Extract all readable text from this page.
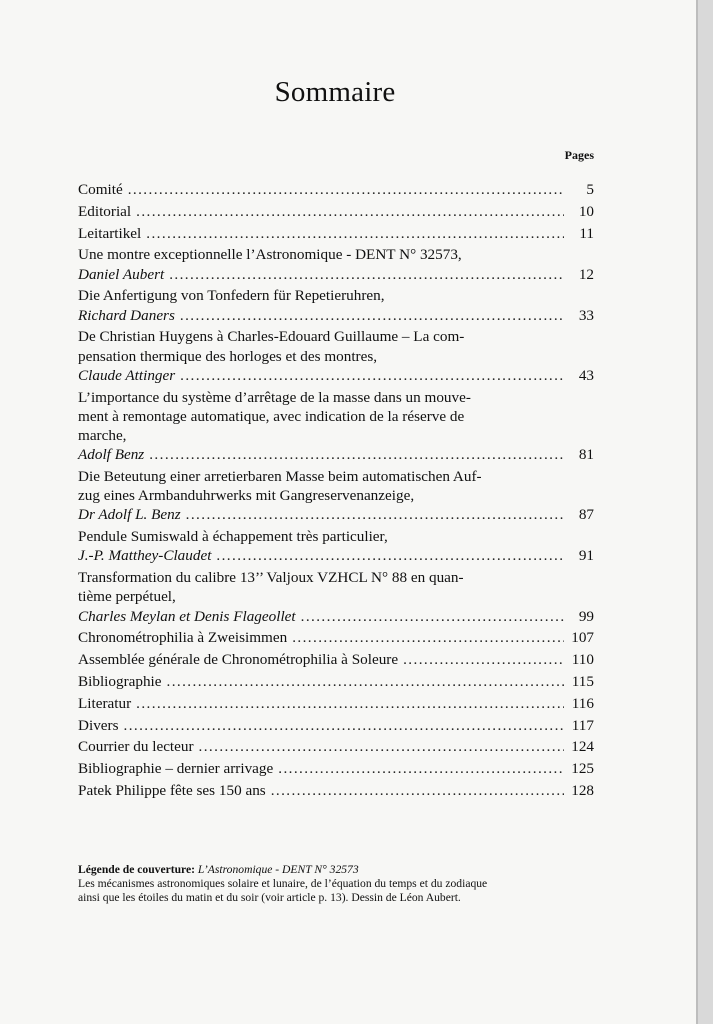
Sommaire
Pages
Comité . . .	5
Editorial . . .	10
Leitartikel . . .	11
Une montre exceptionnelle l’Astronomique - DENT N° 32573,
Daniel Aubert . . .	12
Die Anfertigung von Tonfedern für Repetieruhren,
Richard Daners . . .	33
De Christian Huygens à Charles-Edouard Guillaume – La com-
pensation thermique des horloges et des montres,
Claude Attinger . . .	43
L’importance du système d’arrêtage de la masse dans un mouve-
ment à remontage automatique, avec indication de la réserve de
marche,
Adolf Benz . . .	81
Die Beteutung einer arretierbaren Masse beim automatischen Auf-
zug eines Armbanduhrwerks mit Gangreservenanzeige,
Dr Adolf L. Benz . . .	87
Pendule Sumiswald à échappement très particulier,
J.-P. Matthey-Claudet . . .	91
Transformation du calibre 13’’ Valjoux VZHCL N° 88 en quan-
tième perpétuel,
Charles Meylan et Denis Flageollet . . .	99
Chronométrophilia à Zweisimmen . . .	107
Assemblée générale de Chronométrophilia à Soleure . . .	110
Bibliographie . . .	115
Literatur . . .	116
Divers . . .	117
Courrier du lecteur . . .	124
Bibliographie – dernier arrivage . . .	125
Patek Philippe fête ses 150 ans . . .	128
Légende de couverture: L’Astronomique - DENT N° 32573
Les mécanismes astronomiques solaire et lunaire, de l’équation du temps et du zodiaque
ainsi que les étoiles du matin et du soir (voir article p. 13). Dessin de Léon Aubert.
